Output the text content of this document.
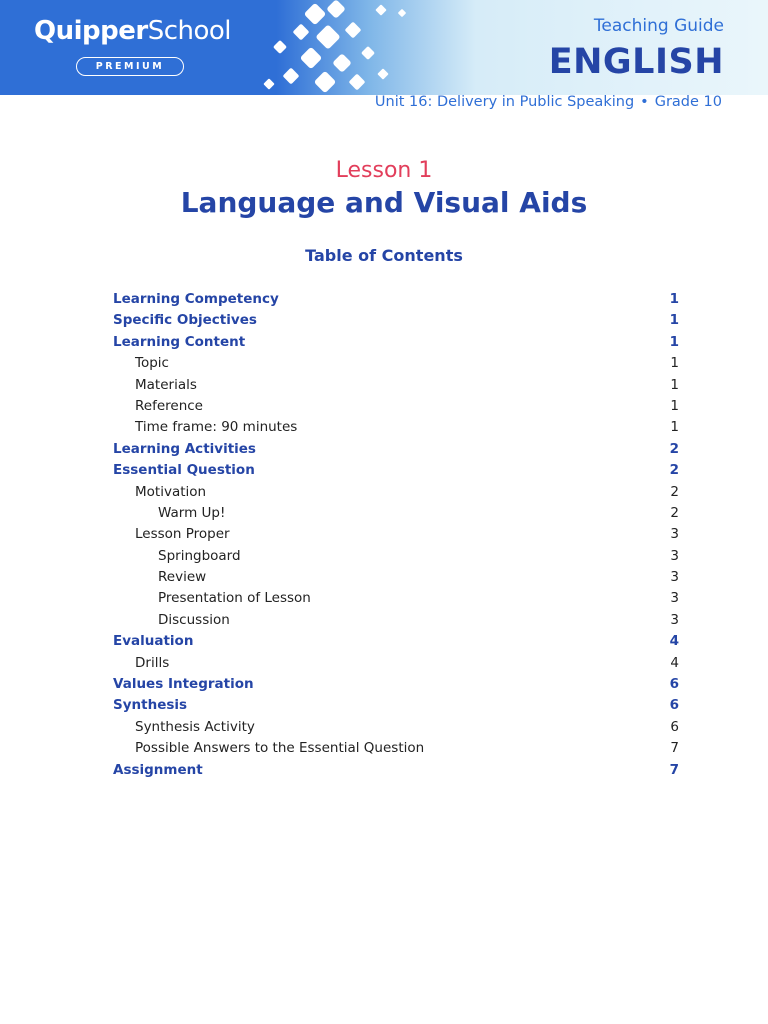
QuipperSchool
PREMIUM
Teaching Guide
ENGLISH
Unit 16: Delivery in Public Speaking • Grade 10
Lesson 1
Language and Visual Aids
Table of Contents
Learning Competency	1
Specific Objectives	1
Learning Content	1
Topic	1
Materials	1
Reference	1
Time frame: 90 minutes	1
Learning Activities	2
Essential Question	2
Motivation	2
Warm Up!	2
Lesson Proper	3
Springboard	3
Review	3
Presentation of Lesson	3
Discussion	3
Evaluation	4
Drills	4
Values Integration	6
Synthesis	6
Synthesis Activity	6
Possible Answers to the Essential Question	7
Assignment	7
